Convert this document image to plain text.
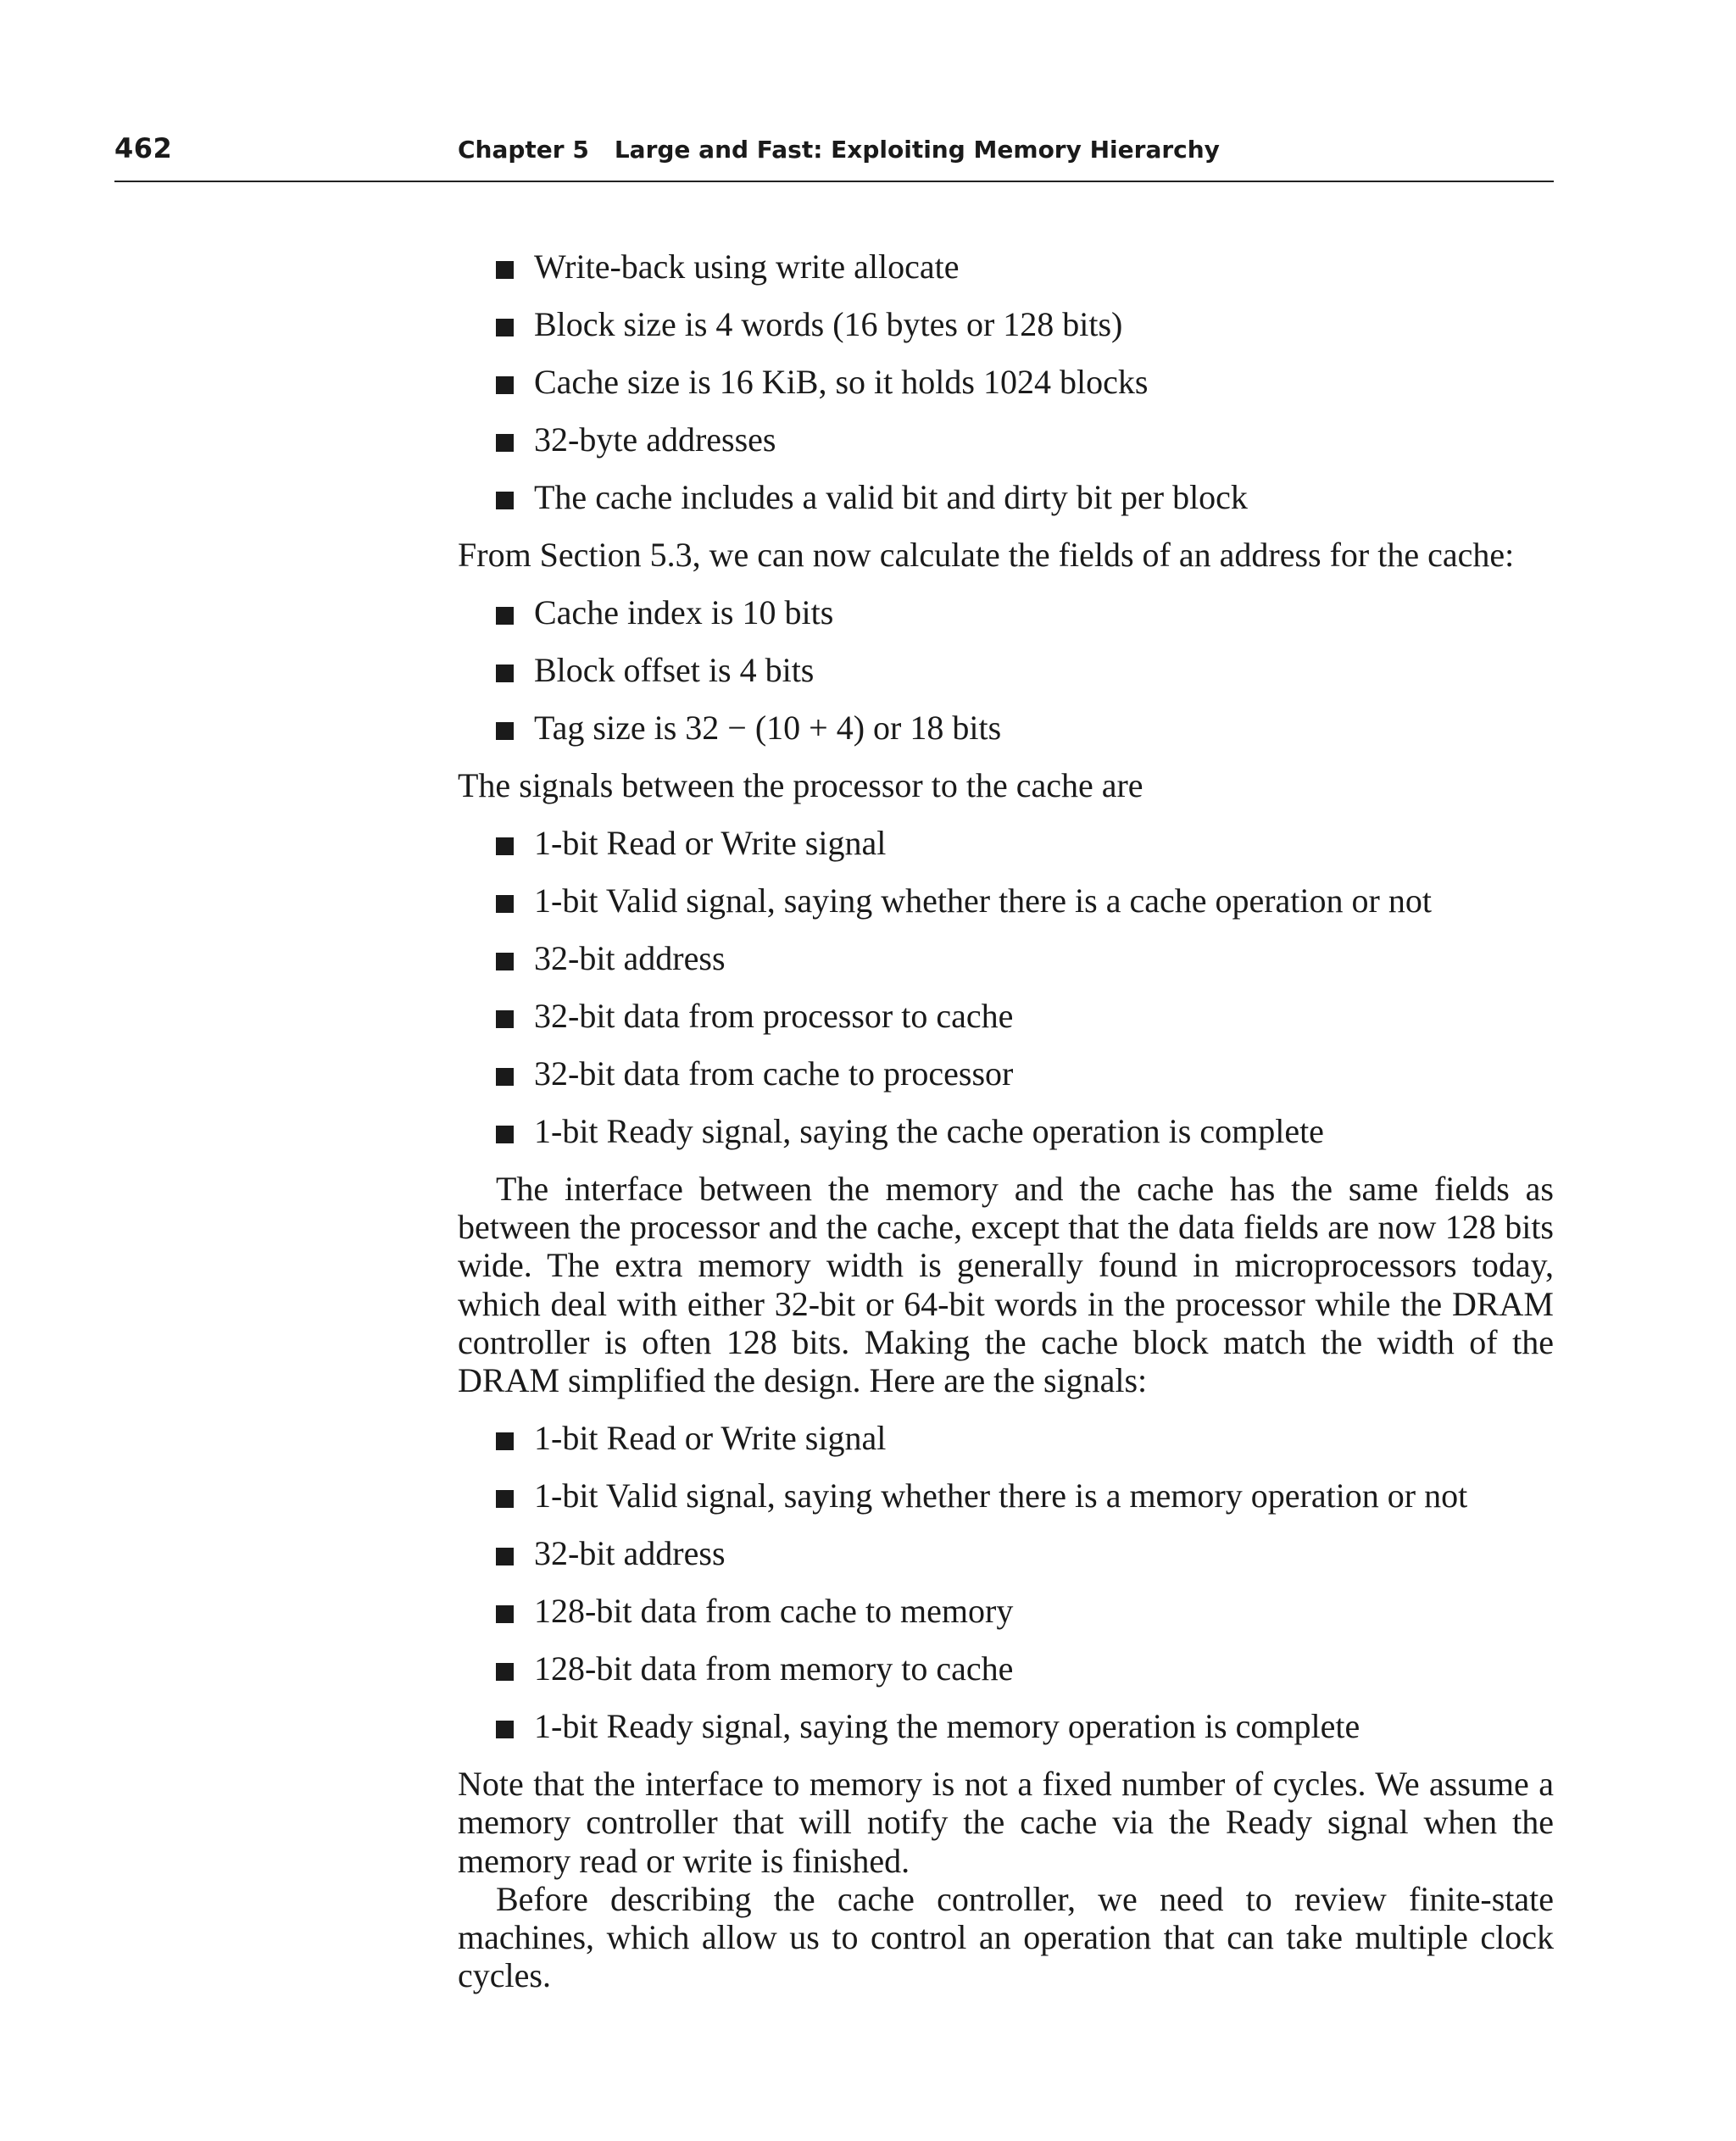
462	Chapter 5 Large and Fast: Exploiting Memory Hierarchy
Write-back using write allocate
Block size is 4 words (16 bytes or 128 bits)
Cache size is 16 KiB, so it holds 1024 blocks
32-byte addresses
The cache includes a valid bit and dirty bit per block

From Section 5.3, we can now calculate the fields of an address for the cache:

Cache index is 10 bits
Block offset is 4 bits
Tag size is 32 − (10 + 4) or 18 bits

The signals between the processor to the cache are

1-bit Read or Write signal
1-bit Valid signal, saying whether there is a cache operation or not
32-bit address
32-bit data from processor to cache
32-bit data from cache to processor
1-bit Ready signal, saying the cache operation is complete

The interface between the memory and the cache has the same fields as between the processor and the cache, except that the data fields are now 128 bits wide. The extra memory width is generally found in microprocessors today, which deal with either 32-bit or 64-bit words in the processor while the DRAM controller is often 128 bits. Making the cache block match the width of the DRAM simplified the design. Here are the signals:

1-bit Read or Write signal
1-bit Valid signal, saying whether there is a memory operation or not
32-bit address
128-bit data from cache to memory
128-bit data from memory to cache
1-bit Ready signal, saying the memory operation is complete

Note that the interface to memory is not a fixed number of cycles. We assume a memory controller that will notify the cache via the Ready signal when the memory read or write is finished.

Before describing the cache controller, we need to review finite-state machines, which allow us to control an operation that can take multiple clock cycles.
